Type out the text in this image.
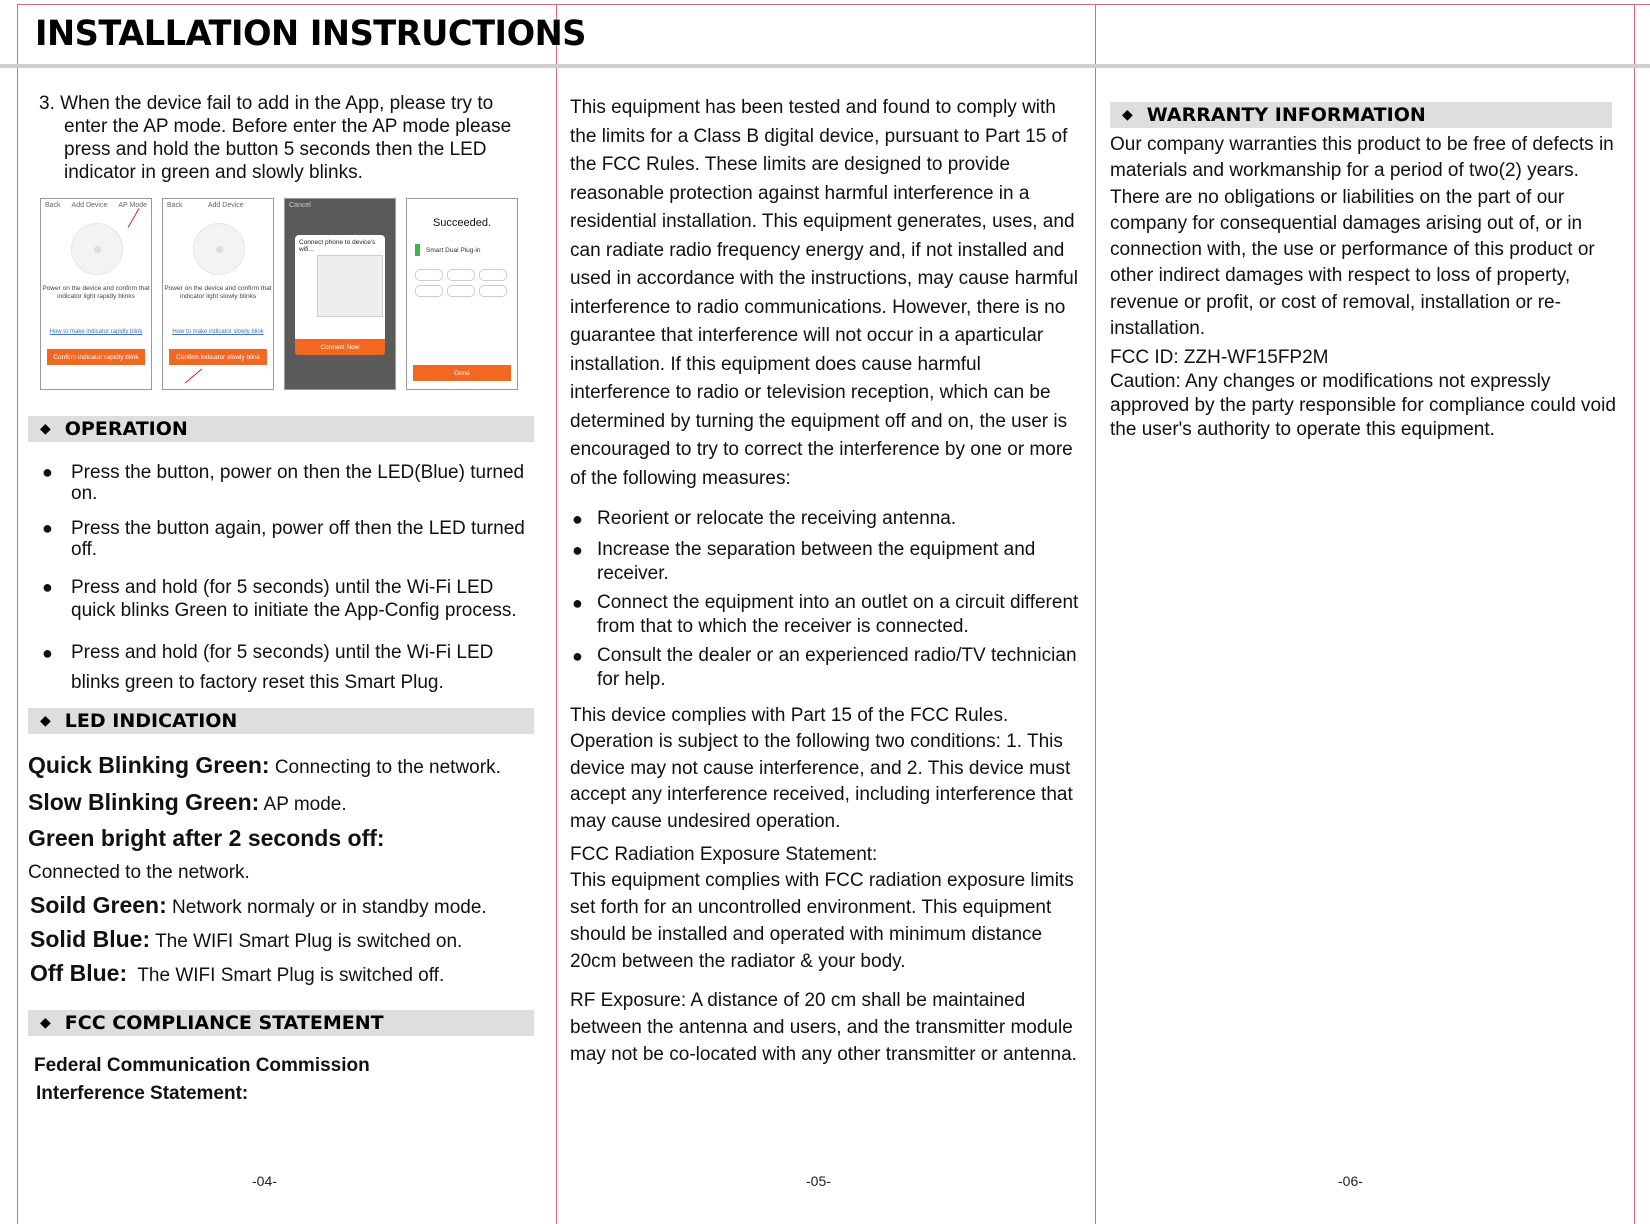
INSTALLATION INSTRUCTIONS

3. When the device fail to add in the App, please try to enter the AP mode. Before enter the AP mode please press and hold the button 5 seconds then the LED indicator in green and slowly blinks.

Back Add Device AP Mode
Power on the device and confirm that indicator light rapidly blinks
How to make indicator rapidly blink
Confirm indicator rapidly blink
Back	Add Device
Power on the device and confirm that indicator light slowly blinks
How to make indicator slowly blink
Confirm indicator slowly blink
Cancel
Connect phone to device's wifi...
Connect Now
Succeeded.
Smart Dual Plug-in
Done
◆ OPERATION

● Press the button, power on then the LED(Blue) turned on.

● Press the button again, power off then the LED turned off.

● Press and hold (for 5 seconds) until the Wi-Fi LED quick blinks Green to initiate the App-Config process.

● Press and hold (for 5 seconds) until the Wi-Fi LED blinks green to factory reset this Smart Plug.

◆ LED INDICATION

Quick Blinking Green: Connecting to the network.

Slow Blinking Green: AP mode.

Green bright after 2 seconds off:
Connected to the network.

Soild Green: Network normaly or in standby mode.

Solid Blue: The WIFI Smart Plug is switched on.

Off Blue: The WIFI Smart Plug is switched off.

◆ FCC COMPLIANCE STATEMENT

Federal Communication Commission

Interference Statement:

-04-

This equipment has been tested and found to comply with the limits for a Class B digital device, pursuant to Part 15 of the FCC Rules. These limits are designed to provide reasonable protection against harmful interference in a residential installation. This equipment generates, uses, and can radiate radio frequency energy and, if not installed and used in accordance with the instructions, may cause harmful interference to radio communications. However, there is no guarantee that interference will not occur in a aparticular installation. If this equipment does cause harmful interference to radio or television reception, which can be determined by turning the equipment off and on, the user is encouraged to try to correct the interference by one or more of the following measures:

● Reorient or relocate the receiving antenna.

● Increase the separation between the equipment and receiver.

● Connect the equipment into an outlet on a circuit different from that to which the receiver is connected.

● Consult the dealer or an experienced radio/TV technician for help.

This device complies with Part 15 of the FCC Rules. Operation is subject to the following two conditions: 1. This device may not cause interference, and 2. This device must accept any interference received, including interference that may cause undesired operation.

FCC Radiation Exposure Statement:

This equipment complies with FCC radiation exposure limits set forth for an uncontrolled environment. This equipment should be installed and operated with minimum distance 20cm between the radiator & your body.

RF Exposure: A distance of 20 cm shall be maintained between the antenna and users, and the transmitter module may not be co-located with any other transmitter or antenna.

-05-
◆ WARRANTY INFORMATION

Our company warranties this product to be free of defects in materials and workmanship for a period of two(2) years. There are no obligations or liabilities on the part of our company for consequential damages arising out of, or in connection with, the use or performance of this product or other indirect damages with respect to loss of property, revenue or profit, or cost of removal, installation or re-installation.

FCC ID: ZZH-WF15FP2M

Caution: Any changes or modifications not expressly approved by the party responsible for compliance could void the user's authority to operate this equipment.

-06-
